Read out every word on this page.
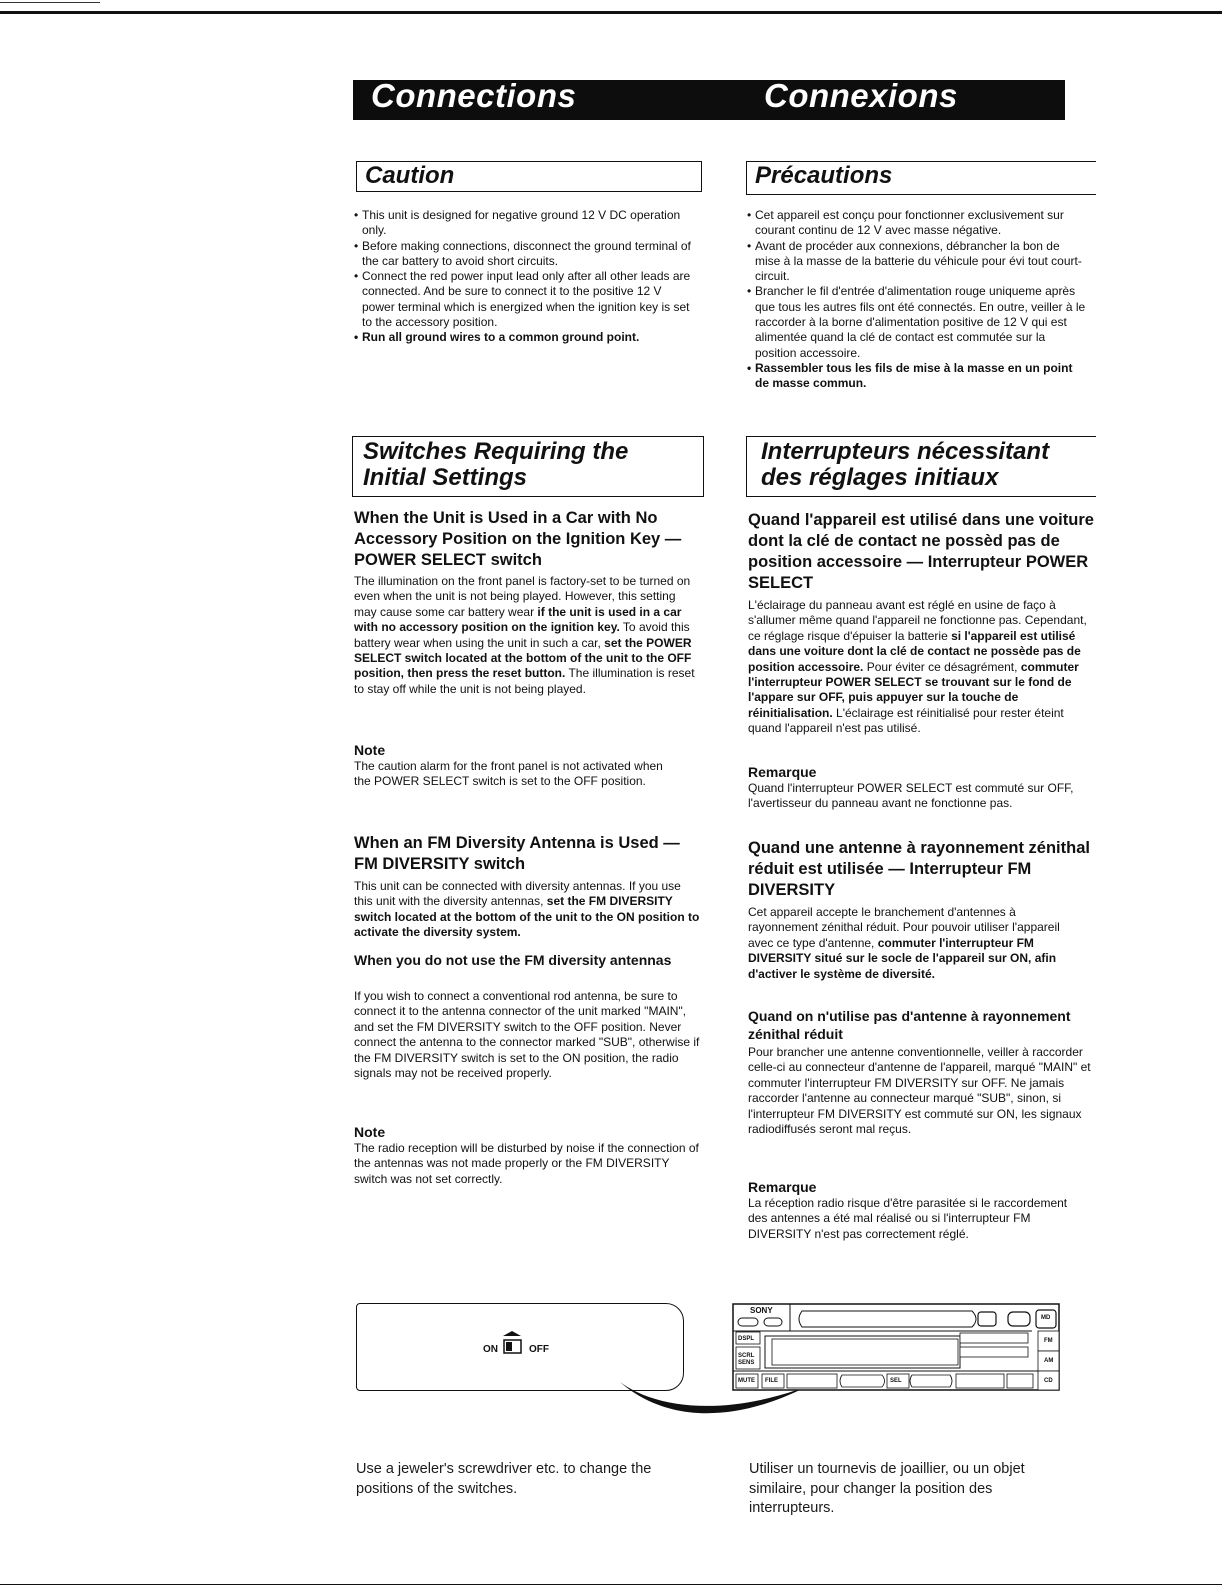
Connections	Connexions
Caution
• This unit is designed for negative ground 12 V DC operation only.
• Before making connections, disconnect the ground terminal of the car battery to avoid short circuits.
• Connect the red power input lead only after all other leads are connected. And be sure to connect it to the positive 12 V power terminal which is energized when the ignition key is set to the accessory position.
• Run all ground wires to a common ground point.
Précautions
• Cet appareil est conçu pour fonctionner exclusivement sur courant continu de 12 V avec masse négative.
• Avant de procéder aux connexions, débrancher la bon de mise à la masse de la batterie du véhicule pour évi tout court-circuit.
• Brancher le fil d'entrée d'alimentation rouge uniqueme après que tous les autres fils ont été connectés. En outre, veiller à le raccorder à la borne d'alimentation positive de 12 V qui est alimentée quand la clé de contact est commutée sur la position accessoire.
• Rassembler tous les fils de mise à la masse en un point de masse commun.
Switches Requiring the Initial Settings
Interrupteurs nécessitant des réglages initiaux
When the Unit is Used in a Car with No Accessory Position on the Ignition Key — POWER SELECT switch

The illumination on the front panel is factory-set to be turned on even when the unit is not being played. However, this setting may cause some car battery wear if the unit is used in a car with no accessory position on the ignition key. To avoid this battery wear when using the unit in such a car, set the POWER SELECT switch located at the bottom of the unit to the OFF position, then press the reset button. The illumination is reset to stay off while the unit is not being played.

Note

The caution alarm for the front panel is not activated when the POWER SELECT switch is set to the OFF position.

When an FM Diversity Antenna is Used — FM DIVERSITY switch

This unit can be connected with diversity antennas. If you use this unit with the diversity antennas, set the FM DIVERSITY switch located at the bottom of the unit to the ON position to activate the diversity system.

When you do not use the FM diversity antennas

If you wish to connect a conventional rod antenna, be sure to connect it to the antenna connector of the unit marked "MAIN", and set the FM DIVERSITY switch to the OFF position. Never connect the antenna to the connector marked "SUB", otherwise if the FM DIVERSITY switch is set to the ON position, the radio signals may not be received properly.

Note

The radio reception will be disturbed by noise if the connection of the antennas was not made properly or the FM DIVERSITY switch was not set correctly.

Quand l'appareil est utilisé dans une voiture dont la clé de contact ne possèd pas de position accessoire — Interrupteur POWER SELECT

L'éclairage du panneau avant est réglé en usine de faço à s'allumer même quand l'appareil ne fonctionne pas. Cependant, ce réglage risque d'épuiser la batterie si l'appareil est utilisé dans une voiture dont la clé de contact ne possède pas de position accessoire. Pour éviter ce désagrément, commuter l'interrupteur POWER SELECT se trouvant sur le fond de l'appare sur OFF, puis appuyer sur la touche de réinitialisation. L'éclairage est réinitialisé pour rester éteint quand l'appareil n'est pas utilisé.

Remarque

Quand l'interrupteur POWER SELECT est commuté sur OFF, l'avertisseur du panneau avant ne fonctionne pas.

Quand une antenne à rayonnement zénithal réduit est utilisée — Interrupteur FM DIVERSITY

Cet appareil accepte le branchement d'antennes à rayonnement zénithal réduit. Pour pouvoir utiliser l'appareil avec ce type d'antenne, commuter l'interrupteur FM DIVERSITY situé sur le socle de l'appareil sur ON, afin d'activer le système de diversité.

Quand on n'utilise pas d'antenne à rayonnement zénithal réduit

Pour brancher une antenne conventionnelle, veiller à raccorder celle-ci au connecteur d'antenne de l'appareil, marqué "MAIN" et commuter l'interrupteur FM DIVERSITY sur OFF. Ne jamais raccorder l'antenne au connecteur marqué "SUB", sinon, si l'interrupteur FM DIVERSITY est commuté sur ON, les signaux radiodiffusés seront mal reçus.

Remarque

La réception radio risque d'être parasitée si le raccordement des antennes a été mal réalisé ou si l'interrupteur FM DIVERSITY n'est pas correctement réglé.

ON	OFF
SONY
DSPL
SCRL SENS
MUTE FILE	SEL
FM
AM
CD
MD
Use a jeweler's screwdriver etc. to change the positions of the switches.
Utiliser un tournevis de joaillier, ou un objet similaire, pour changer la position des interrupteurs.
